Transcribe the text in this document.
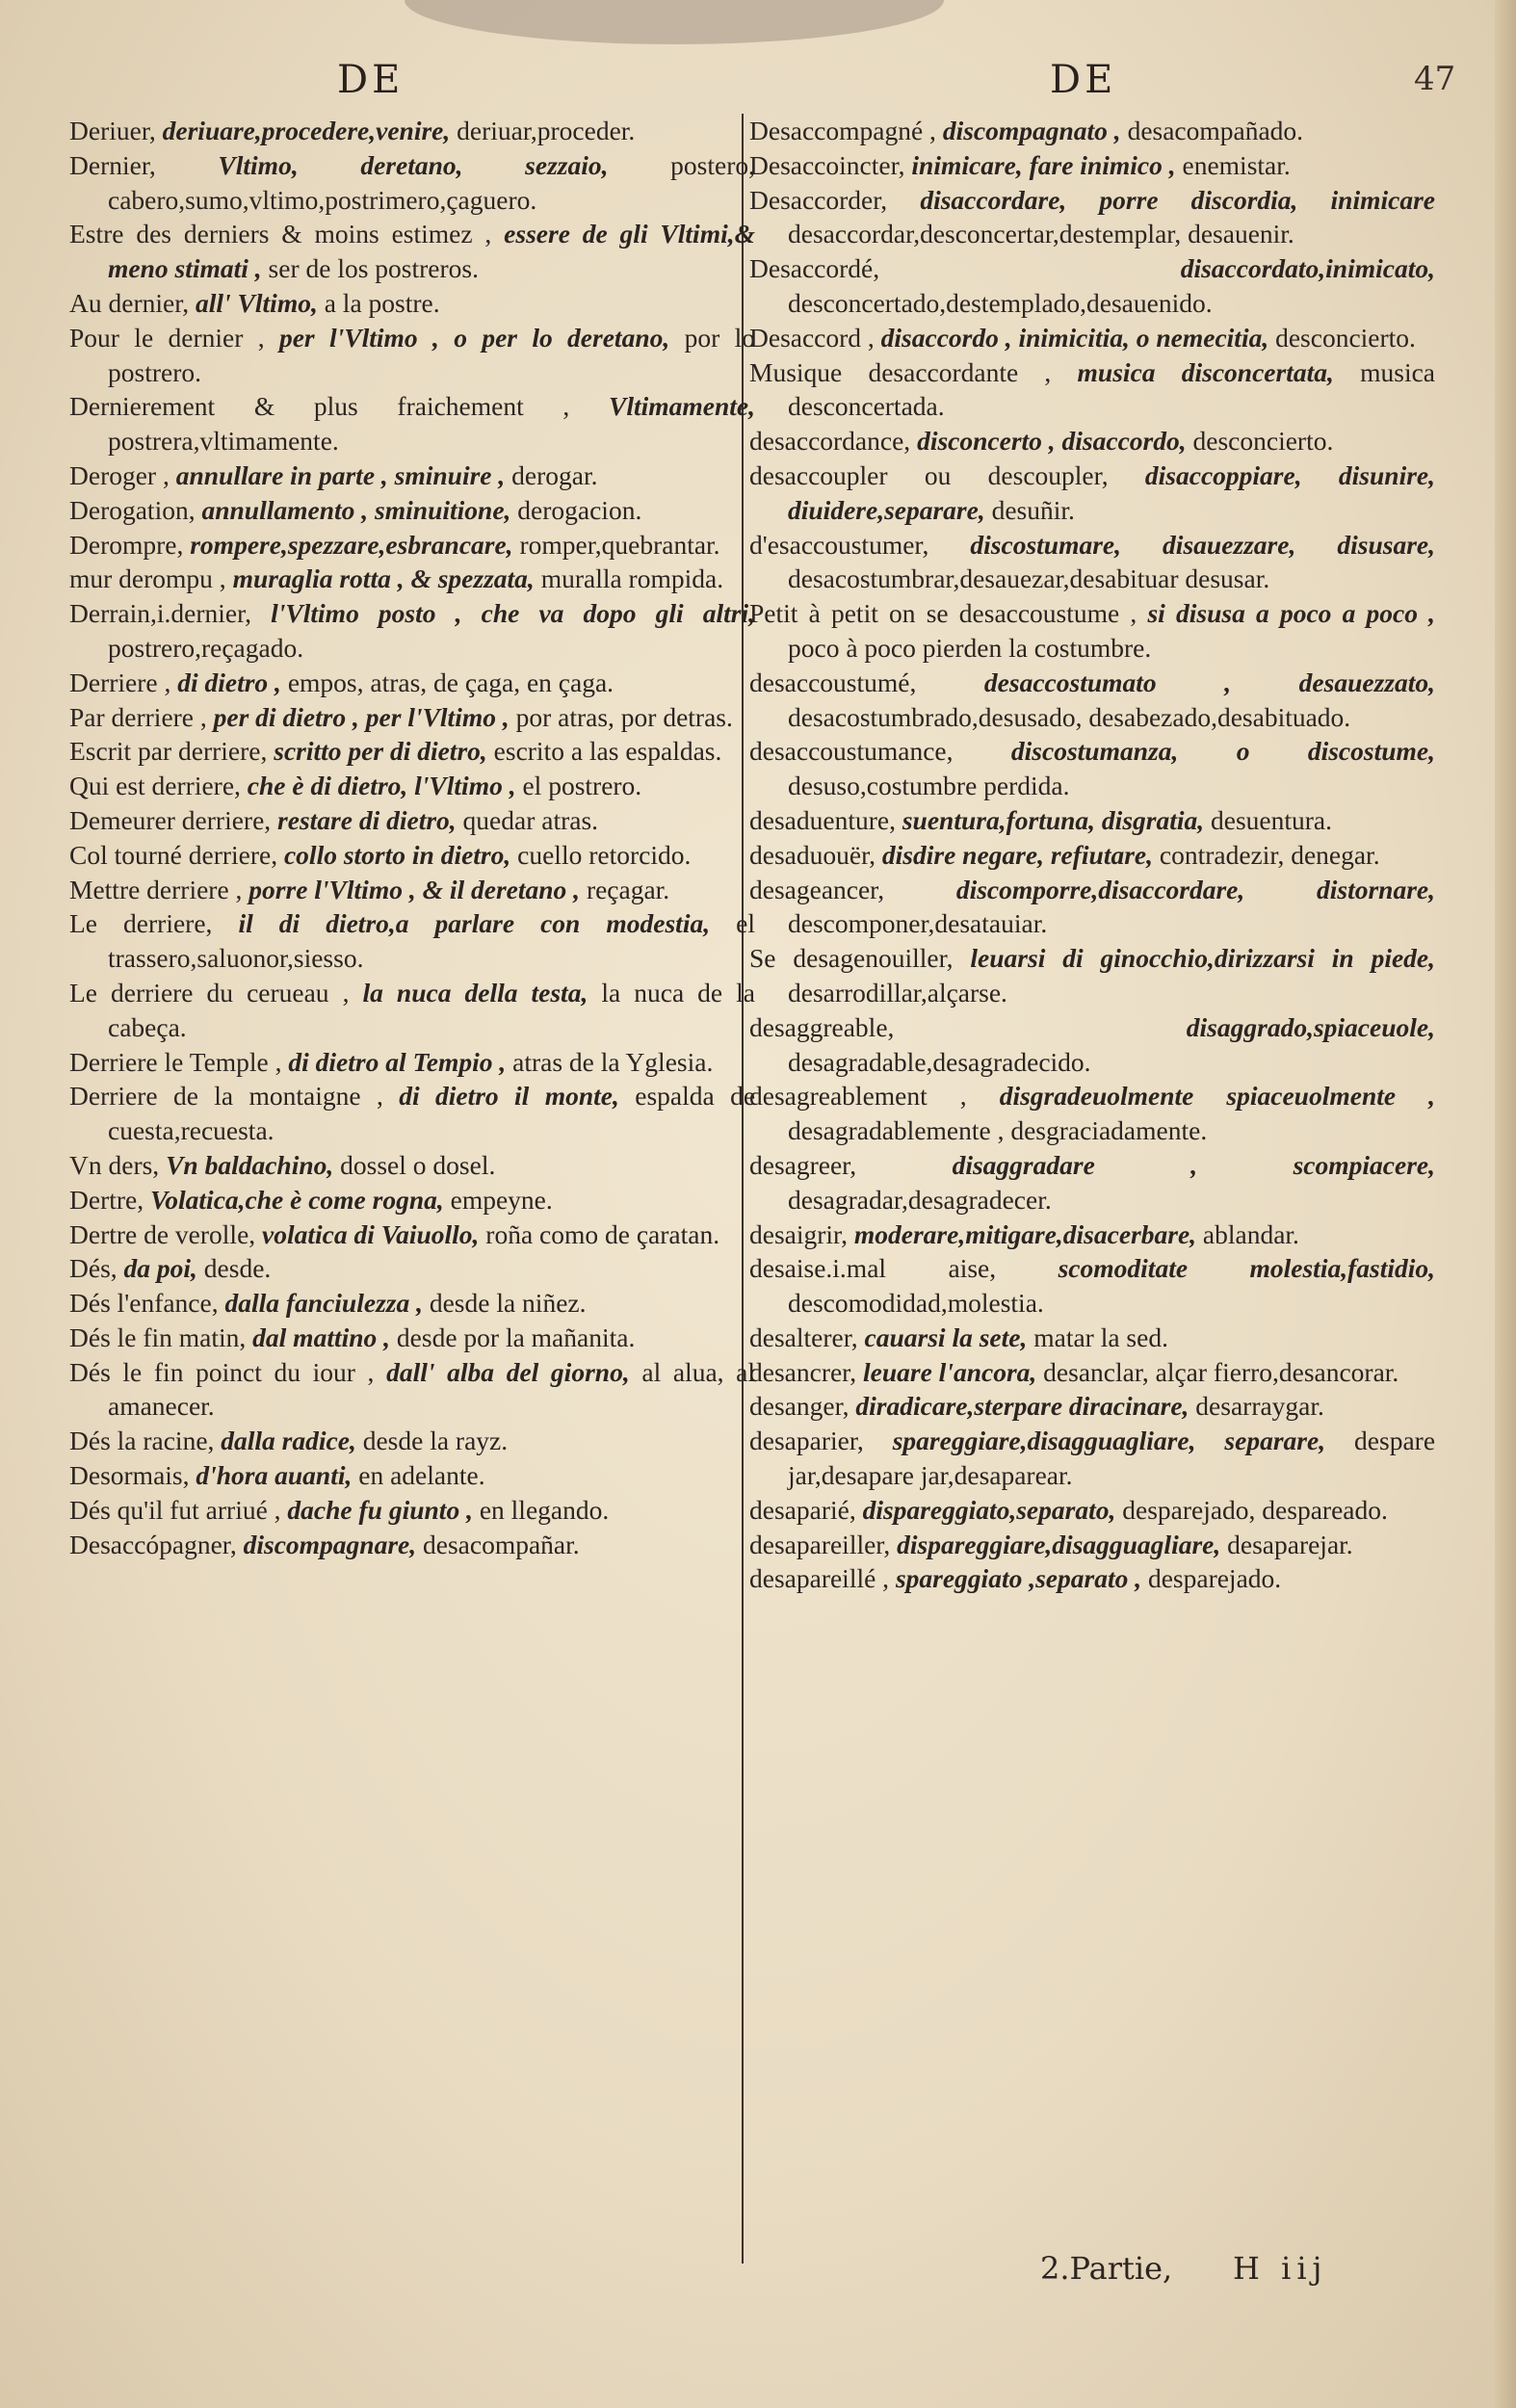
DE	DE	47

Deriuer, deriuare,procedere,venire, deriuar,proceder.

Dernier, Vltimo, deretano, sezzaio, postero, cabero,sumo,vltimo,postrimero,çaguero.

Estre des derniers & moins estimez , essere de gli Vltimi,& meno stimati , ser de los postreros.

Au dernier, all' Vltimo, a la postre.

Pour le dernier , per l'Vltimo , o per lo deretano, por lo postrero.

Dernierement & plus fraichement , Vltimamente, postrera,vltimamente.

Deroger , annullare in parte , sminuire , derogar.

Derogation, annullamento , sminuitione, derogacion.

Derompre, rompere,spezzare,esbrancare, romper,quebrantar.

mur derompu , muraglia rotta , & spezzata, muralla rompida.

Derrain,i.dernier, l'Vltimo posto , che va dopo gli altri, postrero,reçagado.

Derriere , di dietro , empos, atras, de çaga, en çaga.

Par derriere , per di dietro , per l'Vltimo , por atras, por detras.

Escrit par derriere, scritto per di dietro, escrito a las espaldas.

Qui est derriere, che è di dietro, l'Vltimo , el postrero.

Demeurer derriere, restare di dietro, quedar atras.

Col tourné derriere, collo storto in dietro, cuello retorcido.

Mettre derriere , porre l'Vltimo , & il deretano , reçagar.

Le derriere, il di dietro,a parlare con modestia, el trassero,saluonor,siesso.

Le derriere du cerueau , la nuca della testa, la nuca de la cabeça.

Derriere le Temple , di dietro al Tempio , atras de la Yglesia.

Derriere de la montaigne , di dietro il monte, espalda de cuesta,recuesta.

Vn ders, Vn baldachino, dossel o dosel.

Dertre, Volatica,che è come rogna, empeyne.

Dertre de verolle, volatica di Vaiuollo, roña como de çaratan.

Dés, da poi, desde.

Dés l'enfance, dalla fanciulezza , desde la niñez.

Dés le fin matin, dal mattino , desde por la mañanita.

Dés le fin poinct du iour , dall' alba del giorno, al alua, al amanecer.

Dés la racine, dalla radice, desde la rayz.

Desormais, d'hora auanti, en adelante.

Dés qu'il fut arriué , dache fu giunto , en llegando.

Desaccópagner, discompagnare, desacompañar.

Desaccompagné , discompagnato , desacompañado.

Desaccoincter, inimicare, fare inimico , enemistar.

Desaccorder, disaccordare, porre discordia, inimicare desaccordar,desconcertar,destemplar, desauenir.

Desaccordé,	disaccordato,inimicato, desconcertado,destemplado,desauenido.

Desaccord , disaccordo , inimicitia, o nemecitia, desconcierto.

Musique desaccordante , musica disconcertata, musica desconcertada.

desaccordance, disconcerto , disaccordo, desconcierto.

desaccoupler ou descoupler, disaccoppiare, disunire, diuidere,separare, desuñir.

d'esaccoustumer, discostumare, disauezzare, disusare, desacostumbrar,desauezar,desabituar desusar.

Petit à petit on se desaccoustume , si disusa a poco a poco , poco à poco pierden la costumbre.

desaccoustumé,	desaccostumato , desauezzato, desacostumbrado,desusado, desabezado,desabituado.

desaccoustumance, discostumanza, o discostume, desuso,costumbre perdida.

desaduenture, suentura,fortuna, disgratia, desuentura.

desaduouër, disdire negare, refiutare, contradezir, denegar.

desageancer,	discomporre,disaccordare, distornare, descomponer,desatauiar.

Se desagenouiller, leuarsi di ginocchio,dirizzarsi in piede, desarrodillar,alçarse.

desaggreable,	disaggrado,spiaceuole, desagradable,desagradecido.

desagreablement , disgradeuolmente spiaceuolmente , desagradablemente , desgraciadamente.

desagreer,	disaggradare , scompiacere, desagradar,desagradecer.

desaigrir, moderare,mitigare,disacerbare, ablandar.

desaise.i.mal aise, scomoditate molestia,fastidio, descomodidad,molestia.

desalterer, cauarsi la sete, matar la sed.

desancrer, leuare l'ancora, desanclar, alçar fierro,desancorar.

desanger, diradicare,sterpare diracinare, desarraygar.

desaparier, spareggiare,disagguagliare, separare, despare jar,desapare jar,desaparear.

desaparié, dispareggiato,separato, desparejado, despareado.

desapareiller, dispareggiare,disagguagliare, desaparejar.

desapareillé , spareggiato ,separato , desparejado.

2.Partie, H iij
